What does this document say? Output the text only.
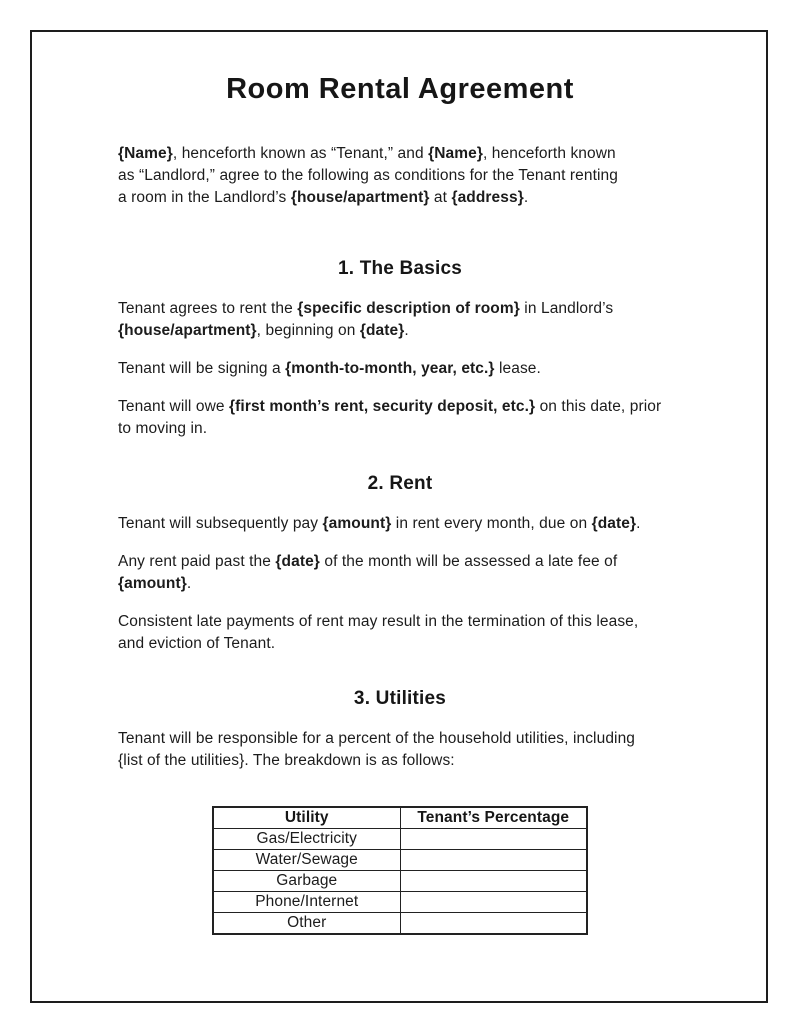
Room Rental Agreement
{Name}, henceforth known as “Tenant,” and {Name}, henceforth known
as “Landlord,” agree to the following as conditions for the Tenant renting
a room in the Landlord’s {house/apartment} at {address}.
1. The Basics
Tenant agrees to rent the {specific description of room} in Landlord’s
{house/apartment}, beginning on {date}.
Tenant will be signing a {month-to-month, year, etc.} lease.
Tenant will owe {first month’s rent, security deposit, etc.} on this date, prior
to moving in.
2. Rent
Tenant will subsequently pay {amount} in rent every month, due on {date}.
Any rent paid past the {date} of the month will be assessed a late fee of
{amount}.
Consistent late payments of rent may result in the termination of this lease,
and eviction of Tenant.
3. Utilities
Tenant will be responsible for a percent of the household utilities, including
{list of the utilities}. The breakdown is as follows:
Utility	Tenant’s Percentage
Gas/Electricity	
Water/Sewage	
Garbage	
Phone/Internet	
Other	
